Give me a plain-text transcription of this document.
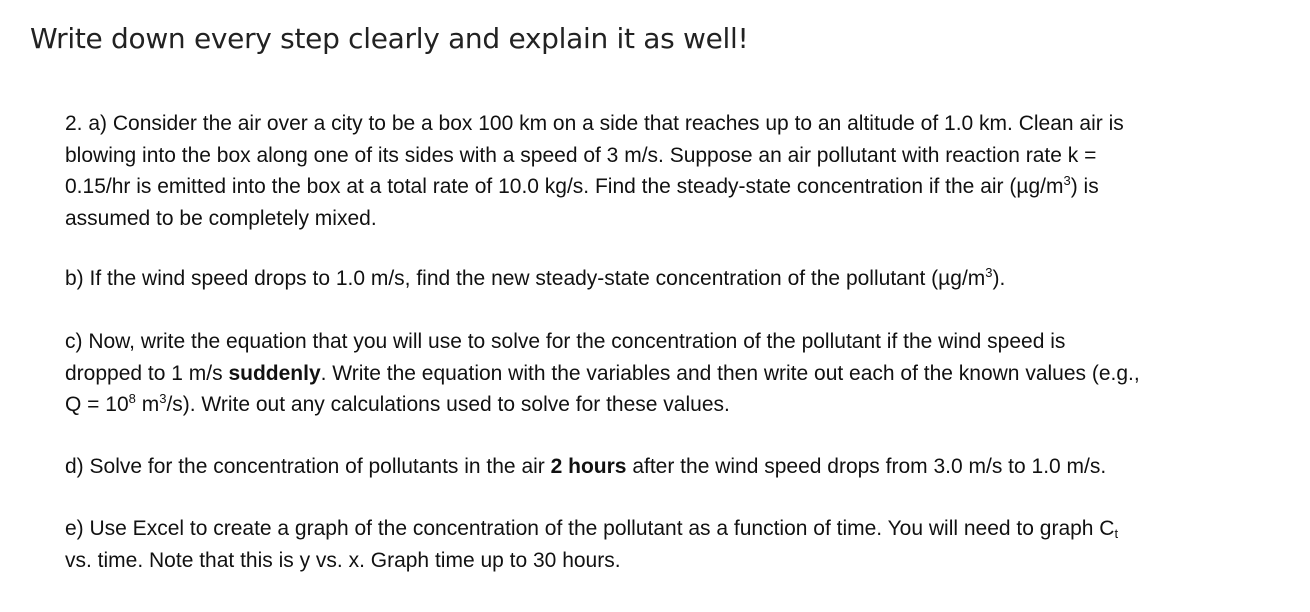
Write down every step clearly and explain it as well!
2. a) Consider the air over a city to be a box 100 km on a side that reaches up to an altitude of 1.0 km. Clean air is
blowing into the box along one of its sides with a speed of 3 m/s. Suppose an air pollutant with reaction rate k =
0.15/hr is emitted into the box at a total rate of 10.0 kg/s. Find the steady-state concentration if the air $(\mu g/m^3)$ is
assumed to be completely mixed.
b) If the wind speed drops to 1.0 m/s, find the new steady-state concentration of the pollutant $(\mu g/m^3)$.
c) Now, write the equation that you will use to solve for the concentration of the pollutant if the wind speed is
dropped to 1 m/s suddenly. Write the equation with the variables and then write out each of the known values (e.g.,
$Q = 10^8$ $m^3/s$). Write out any calculations used to solve for these values.
d) Solve for the concentration of pollutants in the air 2 hours after the wind speed drops from 3.0 m/s to 1.0 m/s.
e) Use Excel to create a graph of the concentration of the pollutant as a function of time. You will need to graph $C_t$
vs. time. Note that this is y vs. x. Graph time up to 30 hours.
